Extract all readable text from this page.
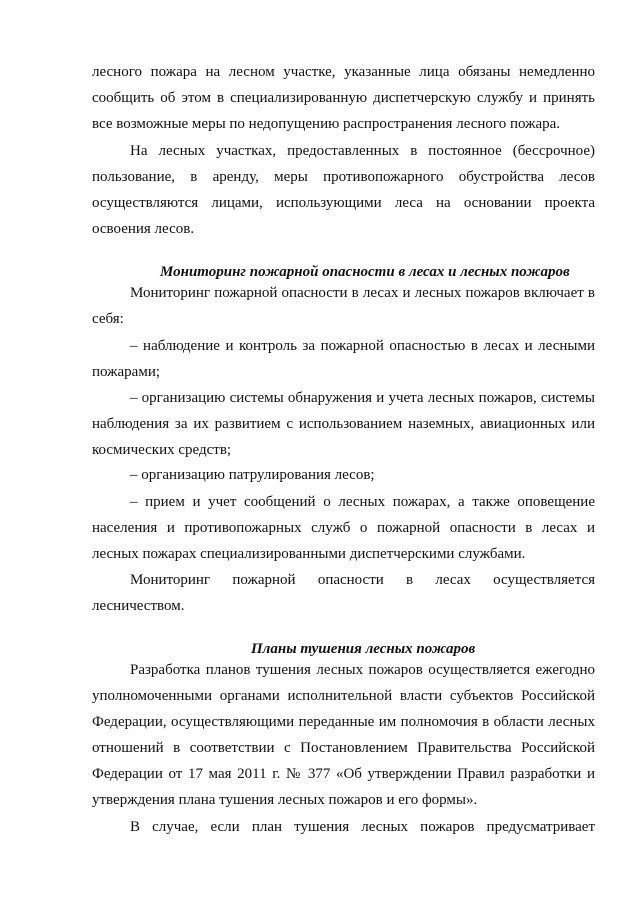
лесного пожара на лесном участке, указанные лица обязаны немедленно
сообщить об этом в специализированную диспетчерскую службу и принять
все возможные меры по недопущению распространения лесного пожара.
На лесных участках, предоставленных в постоянное (бессрочное)
пользование, в аренду, меры противопожарного обустройства лесов
осуществляются лицами, использующими леса на основании проекта
освоения лесов.
Мониторинг пожарной опасности в лесах и лесных пожаров
Мониторинг пожарной опасности в лесах и лесных пожаров включает в
себя:
– наблюдение и контроль за пожарной опасностью в лесах и лесными
пожарами;
– организацию системы обнаружения и учета лесных пожаров, системы
наблюдения за их развитием с использованием наземных, авиационных или
космических средств;
– организацию патрулирования лесов;
– прием и учет сообщений о лесных пожарах, а также оповещение
населения и противопожарных служб о пожарной опасности в лесах и
лесных пожарах специализированными диспетчерскими службами.
Мониторинг пожарной опасности в лесах осуществляется
лесничеством.
Планы тушения лесных пожаров
Разработка планов тушения лесных пожаров осуществляется ежегодно
уполномоченными органами исполнительной власти субъектов Российской
Федерации, осуществляющими переданные им полномочия в области лесных
отношений в соответствии с Постановлением Правительства Российской
Федерации от 17 мая 2011 г. № 377 «Об утверждении Правил разработки и
утверждения плана тушения лесных пожаров и его формы».
В случае, если план тушения лесных пожаров предусматривает
